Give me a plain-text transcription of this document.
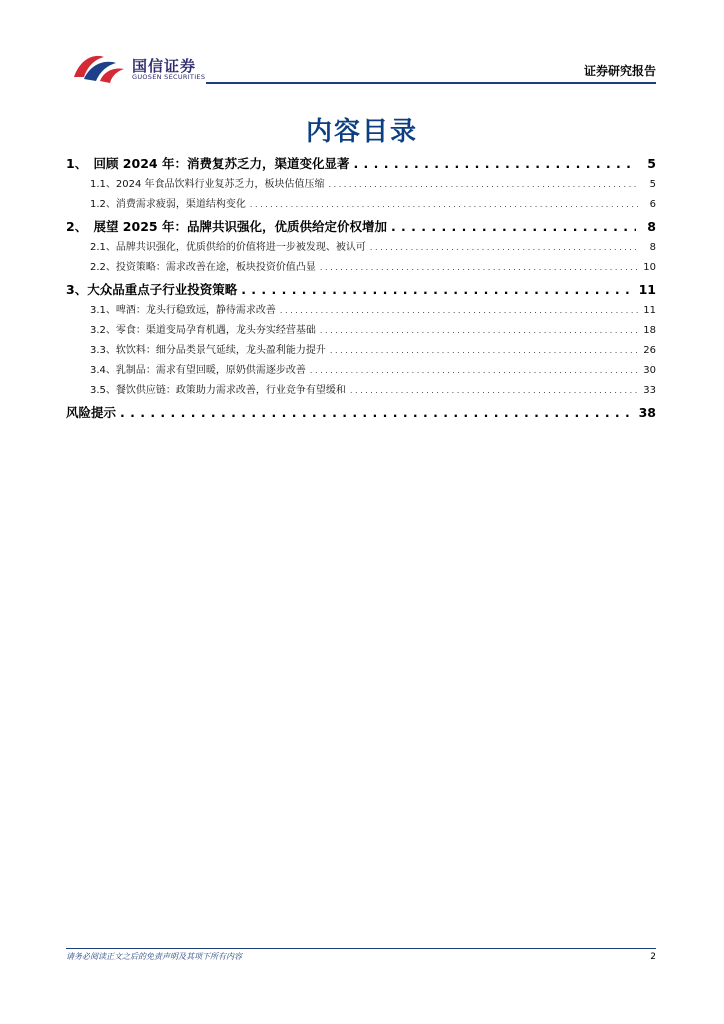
国信证券
GUOSEN SECURITIES	证券研究报告
内容目录
1、　回顾 2024 年：消费复苏乏力，渠道变化显著 . . .	5
1.1、2024 年食品饮料行业复苏乏力，板块估值压缩 . . .	5
1.2、消费需求疲弱，渠道结构变化 . . .	6
2、　展望 2025 年：品牌共识强化，优质供给定价权增加 . . .	8
2.1、品牌共识强化，优质供给的价值将进一步被发现、被认可 . . .	8
2.2、投资策略：需求改善在途，板块投资价值凸显 . . .	10
3、大众品重点子行业投资策略 . . .	11
3.1、啤酒：龙头行稳致远，静待需求改善 . . .	11
3.2、零食：渠道变局孕育机遇，龙头夯实经营基础 . . .	18
3.3、软饮料：细分品类景气延续，龙头盈利能力提升 . . .	26
3.4、乳制品：需求有望回暖，原奶供需逐步改善 . . .	30
3.5、餐饮供应链：政策助力需求改善，行业竞争有望缓和 . . .	33
风险提示 . . .	38
请务必阅读正文之后的免责声明及其项下所有内容	2
